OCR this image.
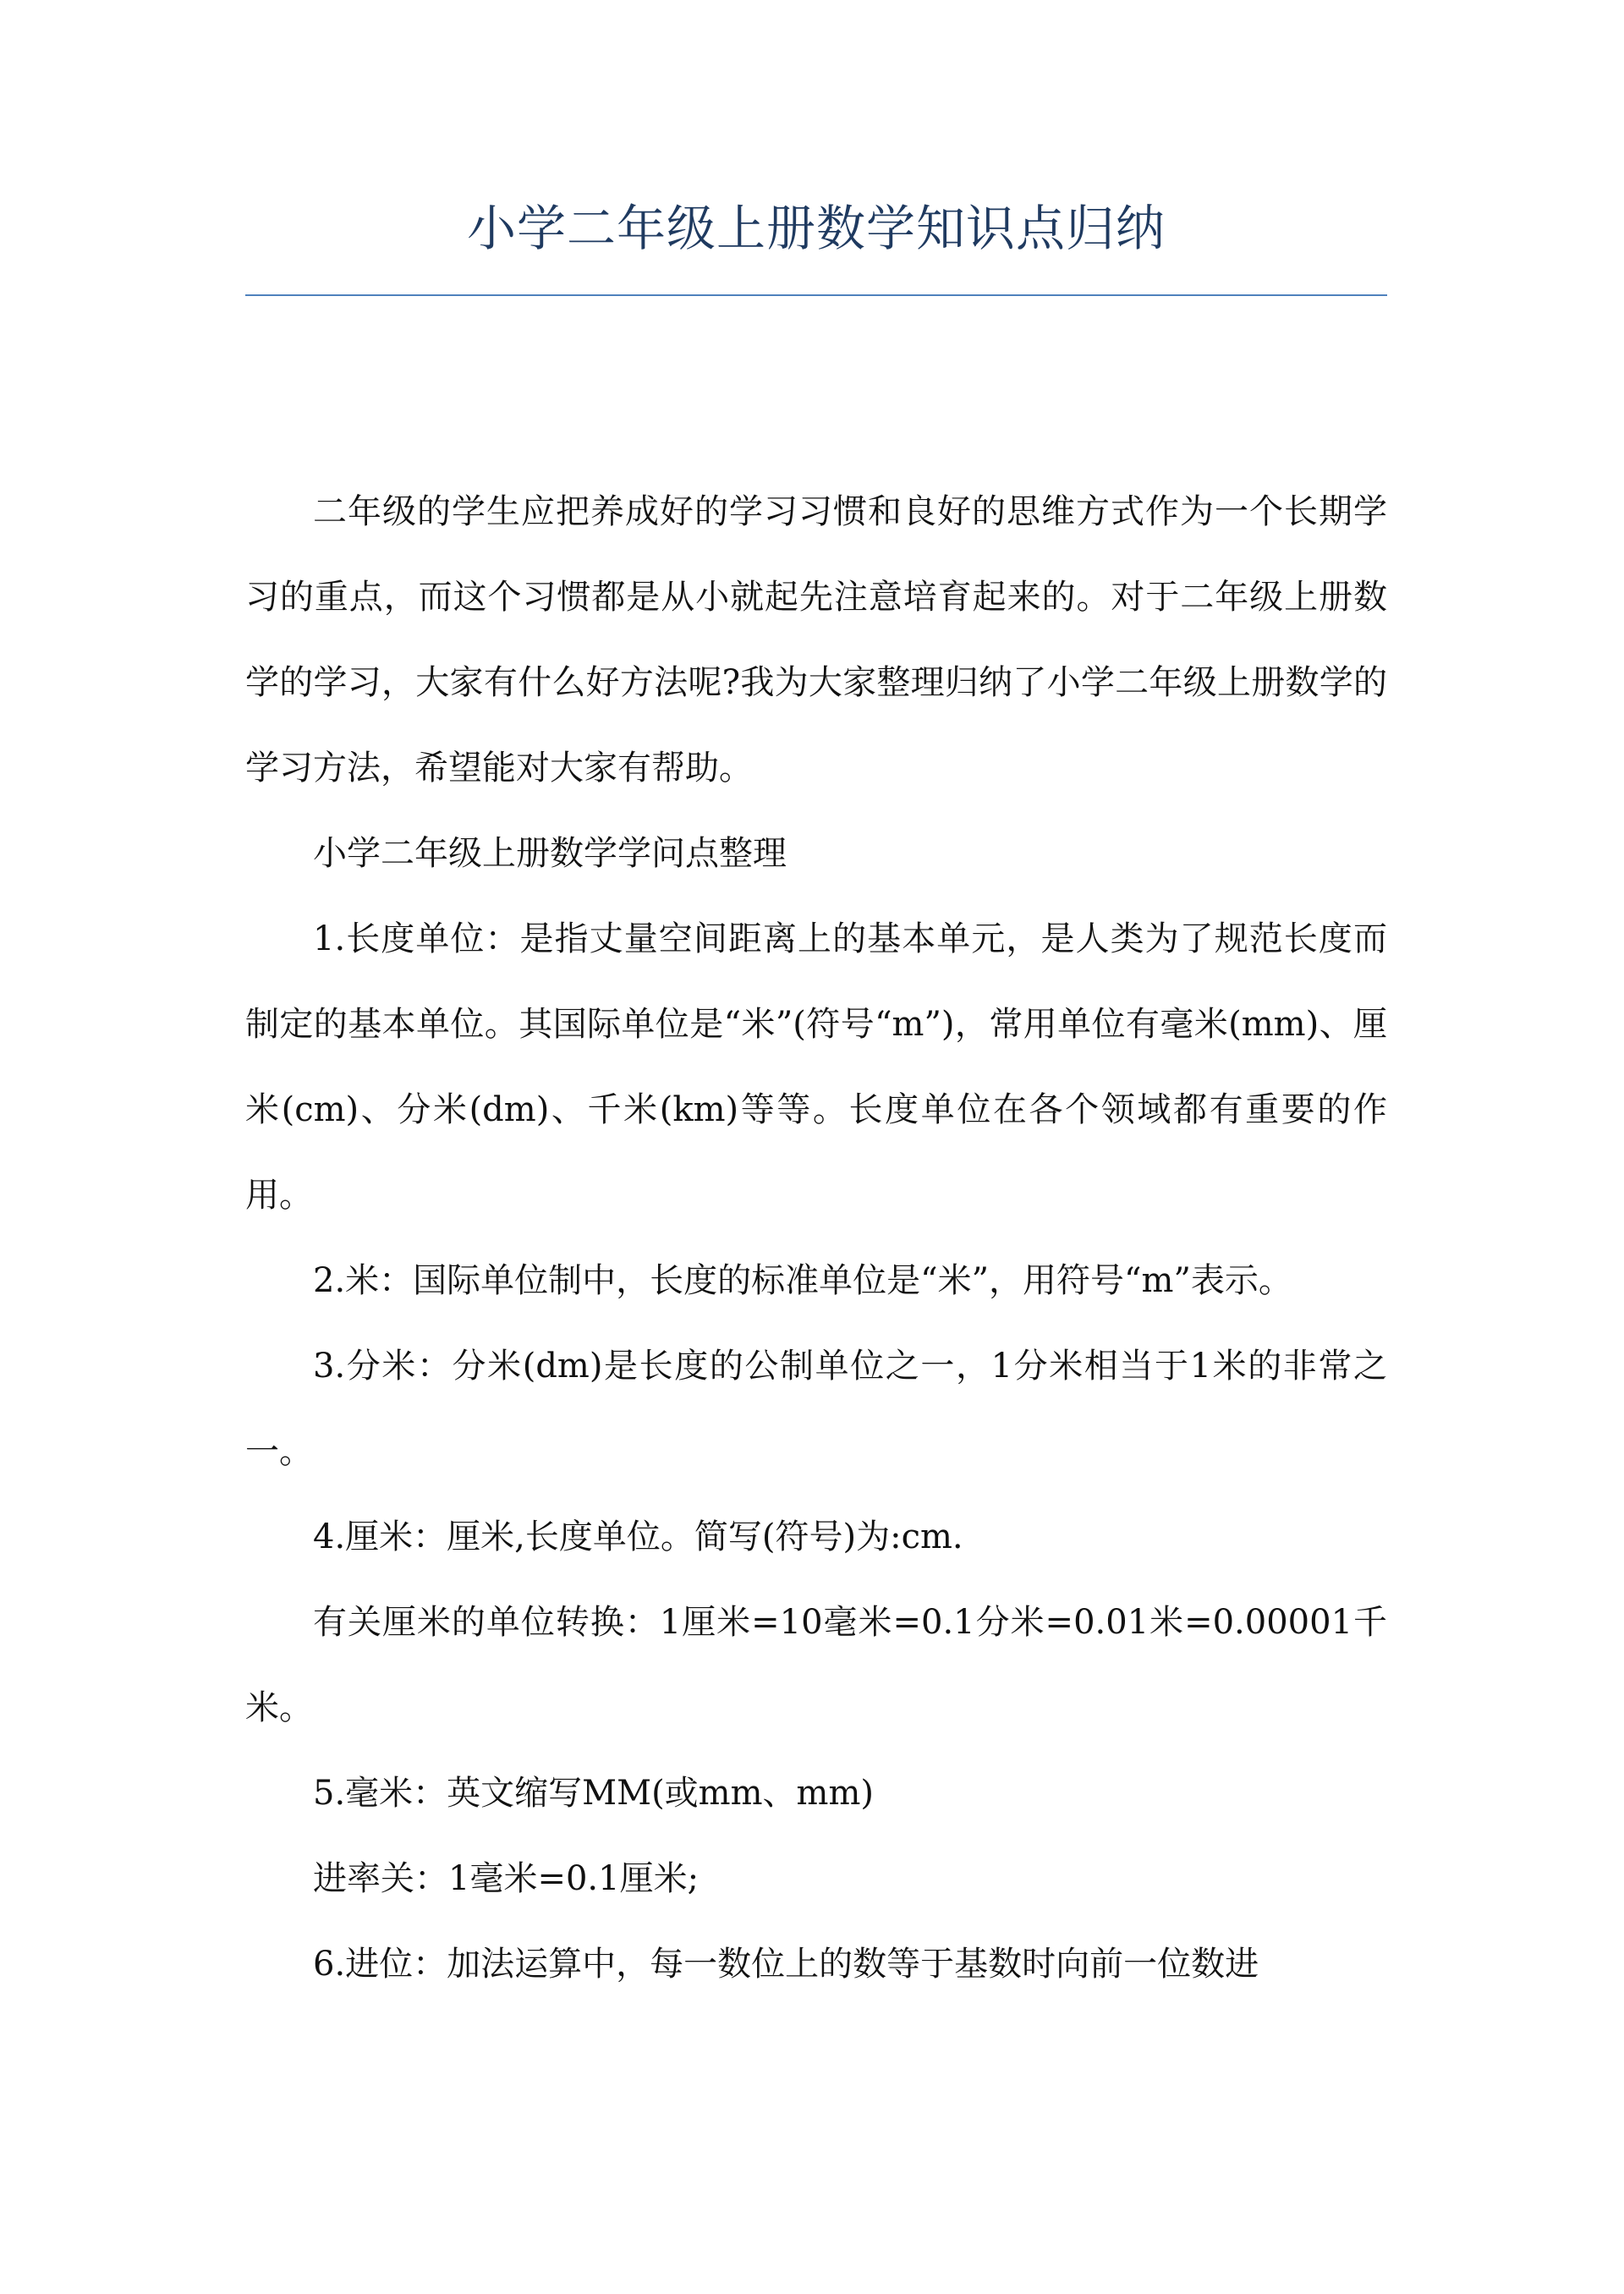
小学二年级上册数学知识点归纳

二年级的学生应把养成好的学习习惯和良好的思维方式作为一个长期学习的重点，而这个习惯都是从小就起先注意培育起来的。对于二年级上册数学的学习，大家有什么好方法呢?我为大家整理归纳了小学二年级上册数学的学习方法，希望能对大家有帮助。

小学二年级上册数学学问点整理

1.长度单位：是指丈量空间距离上的基本单元，是人类为了规范长度而制定的基本单位。其国际单位是“米”(符号“m”)，常用单位有毫米(mm)、厘米(cm)、分米(dm)、千米(km)等等。长度单位在各个领域都有重要的作用。

2.米：国际单位制中，长度的标准单位是“米”，用符号“m”表示。

3.分米：分米(dm)是长度的公制单位之一，1分米相当于1米的非常之一。

4.厘米：厘米,长度单位。简写(符号)为:cm.

有关厘米的单位转换：1厘米=10毫米=0.1分米=0.01米=0.00001千米。

5.毫米：英文缩写MM(或mm、mm)

进率关：1毫米=0.1厘米;

6.进位：加法运算中，每一数位上的数等于基数时向前一位数进
